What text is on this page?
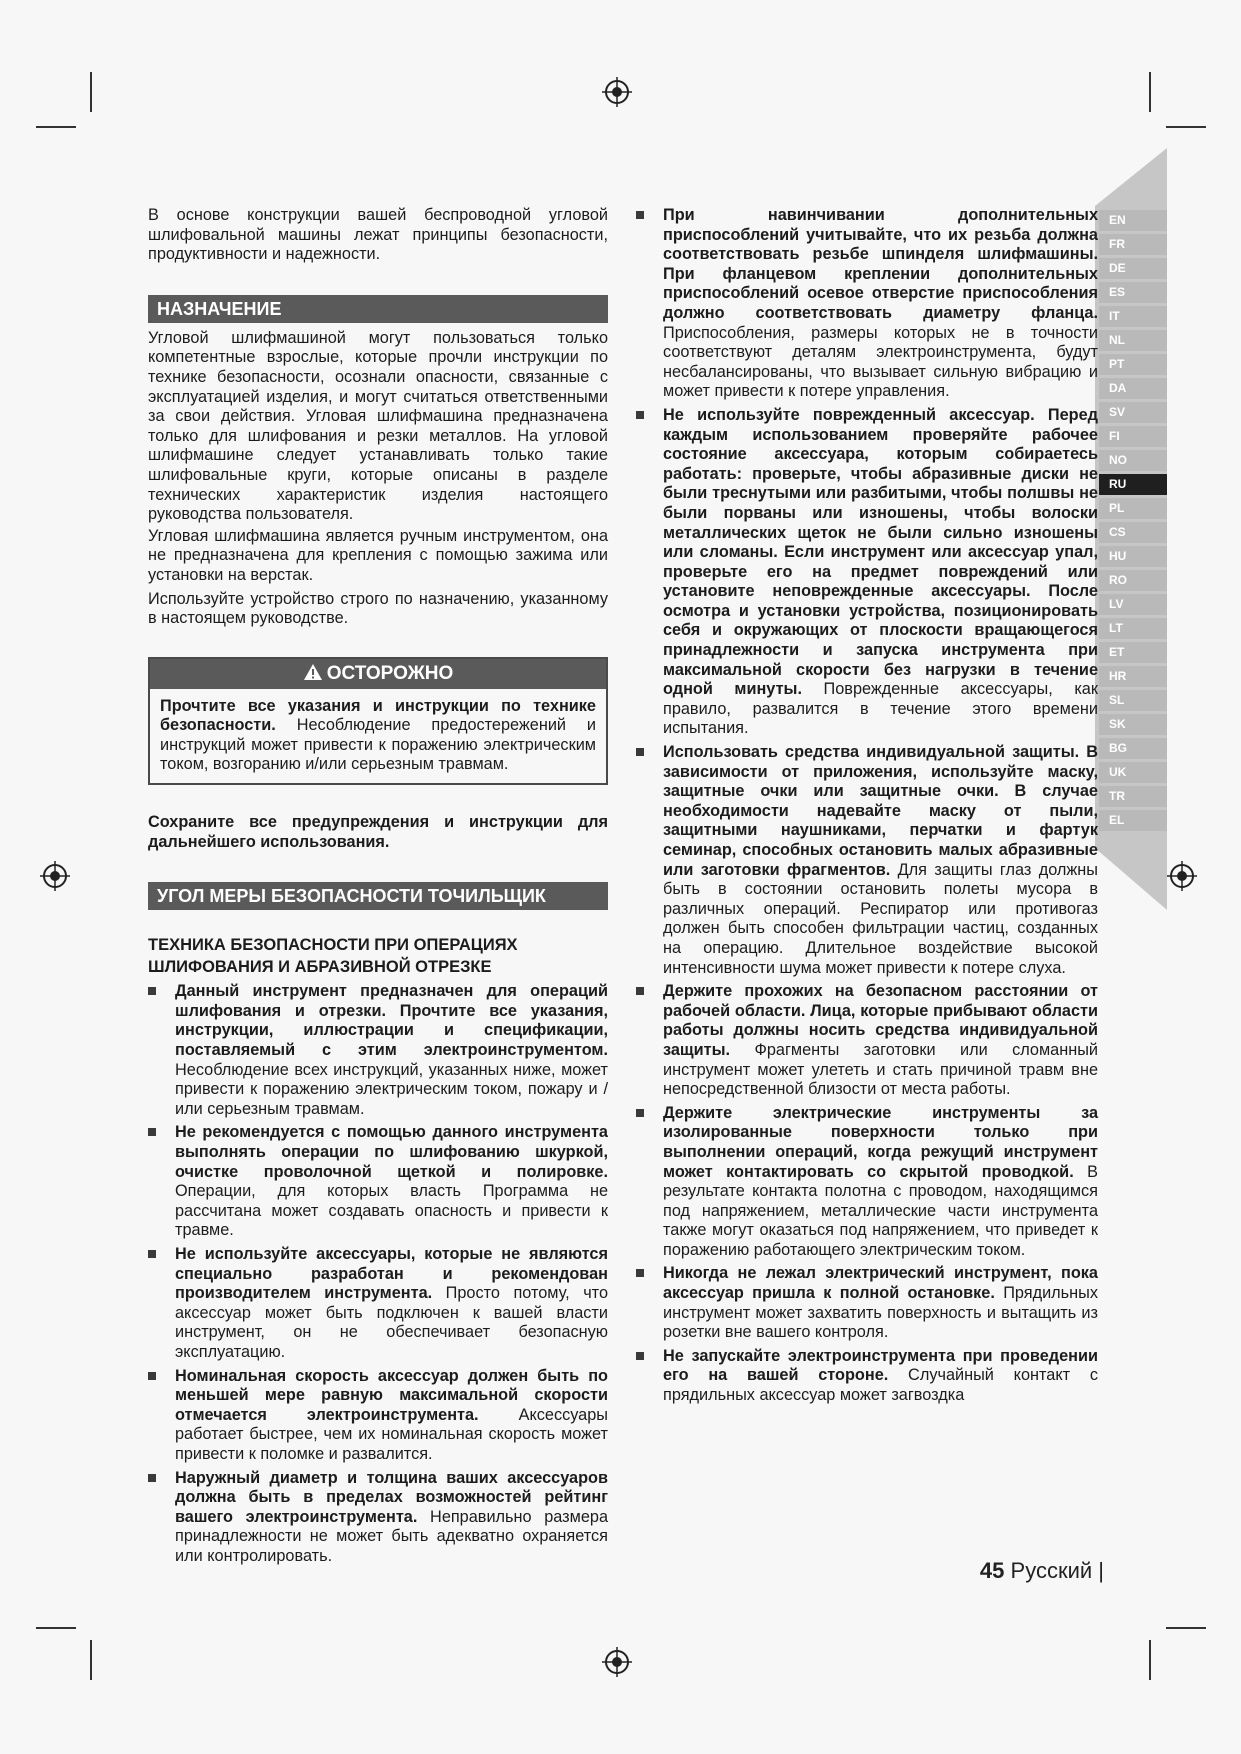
В основе конструкции вашей беспроводной угловой шлифовальной машины лежат принципы безопасности, продуктивности и надежности.

НАЗНАЧЕНИЕ

Угловой шлифмашиной могут пользоваться только компетентные взрослые, которые прочли инструкции по технике безопасности, осознали опасности, связанные с эксплуатацией изделия, и могут считаться ответственными за свои действия. Угловая шлифмашина предназначена только для шлифования и резки металлов. На угловой шлифмашине следует устанавливать только такие шлифовальные круги, которые описаны в разделе технических характеристик изделия настоящего руководства пользователя.

Угловая шлифмашина является ручным инструментом, она не предназначена для крепления с помощью зажима или установки на верстак.

Используйте устройство строго по назначению, указанному в настоящем руководстве.

ОСТОРОЖНО

Прочтите все указания и инструкции по технике безопасности. Несоблюдение предостережений и инструкций может привести к поражению электрическим током, возгоранию и/или серьезным травмам.

Сохраните все предупреждения и инструкции для дальнейшего использования.

УГОЛ МЕРЫ БЕЗОПАСНОСТИ ТОЧИЛЬЩИК

ТЕХНИКА БЕЗОПАСНОСТИ ПРИ ОПЕРАЦИЯХ ШЛИФОВАНИЯ И АБРАЗИВНОЙ ОТРЕЗКЕ

Данный инструмент предназначен для операций шлифования и отрезки. Прочтите все указания, инструкции, иллюстрации и спецификации, поставляемый с этим электроинструментом. Несоблюдение всех инструкций, указанных ниже, может привести к поражению электрическим током, пожару и / или серьезным травмам.
Не рекомендуется с помощью данного инструмента выполнять операции по шлифованию шкуркой, очистке проволочной щеткой и полировке. Операции, для которых власть Программа не рассчитана может создавать опасность и привести к травме.
Не используйте аксессуары, которые не являются специально разработан и рекомендован производителем инструмента. Просто потому, что аксессуар может быть подключен к вашей власти инструмент, он не обеспечивает безопасную эксплуатацию.
Номинальная скорость аксессуар должен быть по меньшей мере равную максимальной скорости отмечается электроинструмента. Аксессуары работает быстрее, чем их номинальная скорость может привести к поломке и развалится.
Наружный диаметр и толщина ваших аксессуаров должна быть в пределах возможностей рейтинг вашего электроинструмента. Неправильно размера принадлежности не может быть адекватно охраняется или контролировать.
При навинчивании дополнительных приспособлений учитывайте, что их резьба должна соответствовать резьбе шпинделя шлифмашины. При фланцевом креплении дополнительных приспособлений осевое отверстие приспособления должно соответствовать диаметру фланца. Приспособления, размеры которых не в точности соответствуют деталям электроинструмента, будут несбалансированы, что вызывает сильную вибрацию и может привести к потере управления.
Не используйте поврежденный аксессуар. Перед каждым использованием проверяйте рабочее состояние аксессуара, которым собираетесь работать: проверьте, чтобы абразивные диски не были треснутыми или разбитыми, чтобы полшвы не были порваны или изношены, чтобы волоски металлических щеток не были сильно изношены или сломаны. Если инструмент или аксессуар упал, проверьте его на предмет повреждений или установите неповрежденные аксессуары. После осмотра и установки устройства, позиционировать себя и окружающих от плоскости вращающегося принадлежности и запуска инструмента при максимальной скорости без нагрузки в течение одной минуты. Поврежденные аксессуары, как правило, развалится в течение этого времени испытания.
Использовать средства индивидуальной защиты. В зависимости от приложения, используйте маску, защитные очки или защитные очки. В случае необходимости надевайте маску от пыли, защитными наушниками, перчатки и фартук семинар, способных остановить малых абразивные или заготовки фрагментов. Для защиты глаз должны быть в состоянии остановить полеты мусора в различных операций. Респиратор или противогаз должен быть способен фильтрации частиц, созданных на операцию. Длительное воздействие высокой интенсивности шума может привести к потере слуха.
Держите прохожих на безопасном расстоянии от рабочей области. Лица, которые прибывают области работы должны носить средства индивидуальной защиты. Фрагменты заготовки или сломанный инструмент может улететь и стать причиной травм вне непосредственной близости от места работы.
Держите электрические инструменты за изолированные поверхности только при выполнении операций, когда режущий инструмент может контактировать со скрытой проводкой. В результате контакта полотна с проводом, находящимся под напряжением, металлические части инструмента также могут оказаться под напряжением, что приведет к поражению работающего электрическим током.
Никогда не лежал электрический инструмент, пока аксессуар пришла к полной остановке. Прядильных инструмент может захватить поверхность и вытащить из розетки вне вашего контроля.
Не запускайте электроинструмента при проведении его на вашей стороне. Случайный контакт с прядильных аксессуар может загвоздка
EN
FR
DE
ES
IT
NL
PT
DA
SV
FI
NO
RU
PL
CS
HU
RO
LV
LT
ET
HR
SL
SK
BG
UK
TR
EL
45 Русский |
